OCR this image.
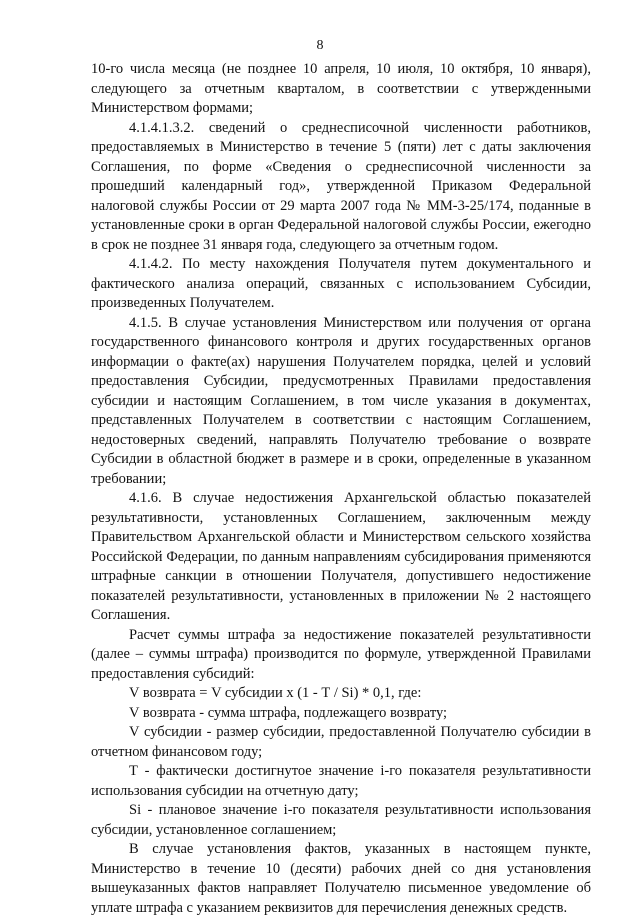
8

10-го числа месяца (не позднее 10 апреля, 10 июля, 10 октября, 10 января), следующего за отчетным кварталом, в соответствии с утвержденными Министерством формами;

4.1.4.1.3.2. сведений о среднесписочной численности работников, предоставляемых в Министерство в течение 5 (пяти) лет с даты заключения Соглашения, по форме «Сведения о среднесписочной численности за прошедший календарный год», утвержденной Приказом Федеральной налоговой службы России от 29 марта 2007 года № ММ-3-25/174, поданные в установленные сроки в орган Федеральной налоговой службы России, ежегодно в срок не позднее 31 января года, следующего за отчетным годом.

4.1.4.2. По месту нахождения Получателя путем документального и фактического анализа операций, связанных с использованием Субсидии, произведенных Получателем.

4.1.5. В случае установления Министерством или получения от органа государственного финансового контроля и других государственных органов информации о факте(ах) нарушения Получателем порядка, целей и условий предоставления Субсидии, предусмотренных Правилами предоставления субсидии и настоящим Соглашением, в том числе указания в документах, представленных Получателем в соответствии с настоящим Соглашением, недостоверных сведений, направлять Получателю требование о возврате Субсидии в областной бюджет в размере и в сроки, определенные в указанном требовании;

4.1.6. В случае недостижения Архангельской областью показателей результативности, установленных Соглашением, заключенным между Правительством Архангельской области и Министерством сельского хозяйства Российской Федерации, по данным направлениям субсидирования применяются штрафные санкции в отношении Получателя, допустившего недостижение показателей результативности, установленных в приложении № 2 настоящего Соглашения.

Расчет суммы штрафа за недостижение показателей результативности (далее – суммы штрафа) производится по формуле, утвержденной Правилами предоставления субсидий:

V возврата = V субсидии х (1 - Т / Si) * 0,1, где:

V возврата - сумма штрафа, подлежащего возврату;

V субсидии - размер субсидии, предоставленной Получателю субсидии в отчетном финансовом году;

Т - фактически достигнутое значение i-го показателя результативности использования субсидии на отчетную дату;

Si - плановое значение i-го показателя результативности использования субсидии, установленное соглашением;

В случае установления фактов, указанных в настоящем пункте, Министерство в течение 10 (десяти) рабочих дней со дня установления вышеуказанных фактов направляет Получателю письменное уведомление об уплате штрафа с указанием реквизитов для перечисления денежных средств.
